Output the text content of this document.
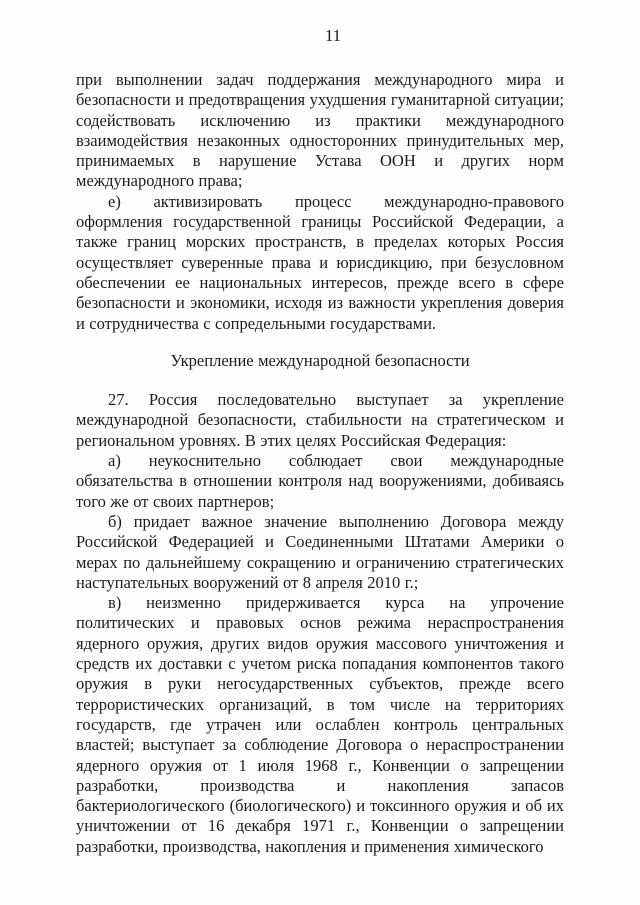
11

при выполнении задач поддержания международного мира и безопасности и предотвращения ухудшения гуманитарной ситуации; содействовать исключению из практики международного взаимодействия незаконных односторонних принудительных мер, принимаемых в нарушение Устава ООН и других норм международного права;

е) активизировать процесс международно-правового оформления государственной границы Российской Федерации, а также границ морских пространств, в пределах которых Россия осуществляет суверенные права и юрисдикцию, при безусловном обеспечении ее национальных интересов, прежде всего в сфере безопасности и экономики, исходя из важности укрепления доверия и сотрудничества с сопредельными государствами.

Укрепление международной безопасности

27. Россия последовательно выступает за укрепление международной безопасности, стабильности на стратегическом и региональном уровнях. В этих целях Российская Федерация:

а) неукоснительно соблюдает свои международные обязательства в отношении контроля над вооружениями, добиваясь того же от своих партнеров;

б) придает важное значение выполнению Договора между Российской Федерацией и Соединенными Штатами Америки о мерах по дальнейшему сокращению и ограничению стратегических наступательных вооружений от 8 апреля 2010 г.;

в) неизменно придерживается курса на упрочение политических и правовых основ режима нераспространения ядерного оружия, других видов оружия массового уничтожения и средств их доставки с учетом риска попадания компонентов такого оружия в руки негосударственных субъектов, прежде всего террористических организаций, в том числе на территориях государств, где утрачен или ослаблен контроль центральных властей; выступает за соблюдение Договора о нераспространении ядерного оружия от 1 июля 1968 г., Конвенции о запрещении разработки, производства и накопления запасов бактериологического (биологического) и токсинного оружия и об их уничтожении от 16 декабря 1971 г., Конвенции о запрещении разработки, производства, накопления и применения химического
